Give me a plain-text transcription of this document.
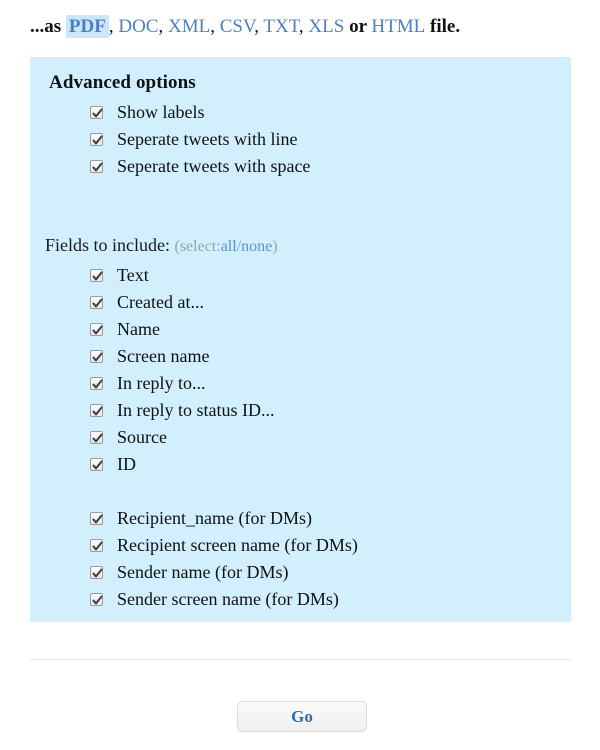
...as PDF , DOC, XML, CSV, TXT, XLS or HTML file.
Advanced options
Show labels
Seperate tweets with line
Seperate tweets with space
Fields to include: (select:all/none)
Text
Created at...
Name
Screen name
In reply to...
In reply to status ID...
Source
ID
Recipient_name (for DMs)
Recipient screen name (for DMs)
Sender name (for DMs)
Sender screen name (for DMs)
Go
